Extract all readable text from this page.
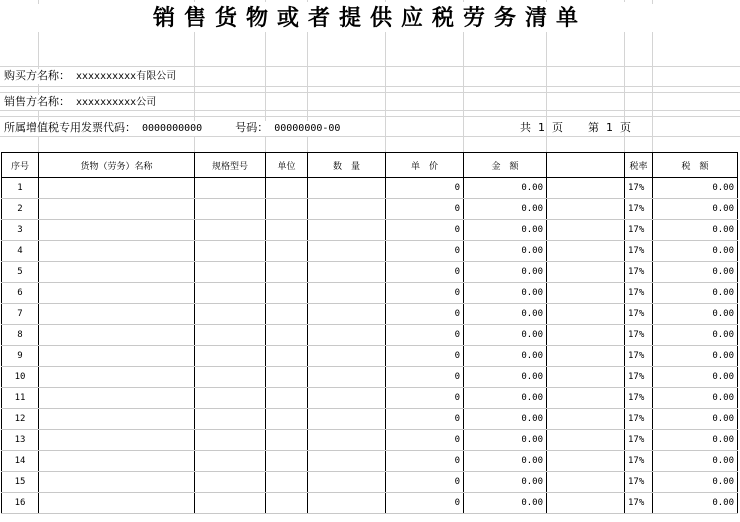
销售货物或者提供应税劳务清单
购买方名称： xxxxxxxxxx有限公司
销售方名称： xxxxxxxxxx公司
所属增值税专用发票代码： 0000000000	号码： 00000000-00	共 1 页 第 1 页
序号	货物（劳务）名称	规格型号	单位	数　量	单　价	金　额		税率	税　额
1					0	0.00		17%	0.00
2					0	0.00		17%	0.00
3					0	0.00		17%	0.00
4					0	0.00		17%	0.00
5					0	0.00		17%	0.00
6					0	0.00		17%	0.00
7					0	0.00		17%	0.00
8					0	0.00		17%	0.00
9					0	0.00		17%	0.00
10					0	0.00		17%	0.00
11					0	0.00		17%	0.00
12					0	0.00		17%	0.00
13					0	0.00		17%	0.00
14					0	0.00		17%	0.00
15					0	0.00		17%	0.00
16					0	0.00		17%	0.00
